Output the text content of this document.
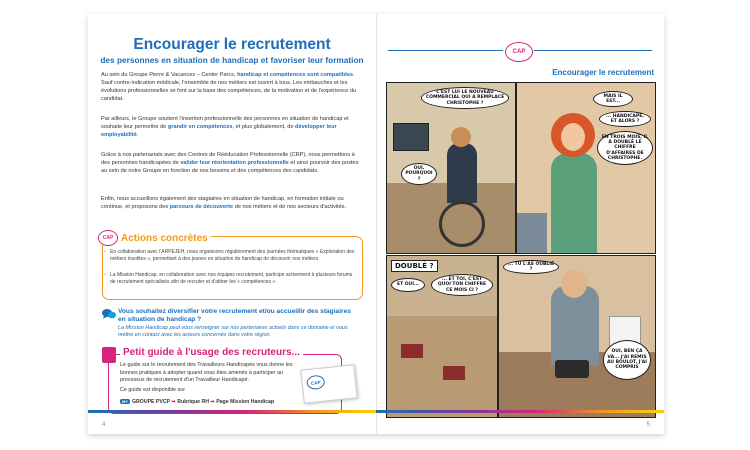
Encourager le recrutement
des personnes en situation de handicap et favoriser leur formation
Au sein du Groupe Pierre & Vacances – Center Parcs, handicap et compétences sont compatibles. Sauf contre-indication médicale, l'ensemble de nos métiers est ouvert à tous. Les embauches et les évolutions professionnelles se font sur la base des compétences, de la motivation et de l'expérience du candidat.
Par ailleurs, le Groupe soutient l'insertion professionnelle des personnes en situation de handicap et souhaite leur permettre de grandir en compétences, et plus globalement, de développer leur employabilité.
Grâce à nos partenariats avec des Centres de Rééducation Professionnelle (CRP), nous permettons à des personnes handicapées de valider leur réorientation professionnelle et ainsi pourvoir des postes au sein de notre Groupe en fonction de nos besoins et des compétences des candidats.
Enfin, nous accueillons également des stagiaires en situation de handicap, en formation initiale ou continue, et proposons des parcours de découverte de nos métiers et de nos secteurs d'activités.
CAP Actions concrètes
• En collaboration avec l'ARPEJEH, nous organisons régulièrement des journées thématiques « Exploration des métiers insolites », permettant à des jeunes en situation de handicap de découvrir nos métiers.
• La Mission Handicap, en collaboration avec nos équipes recrutement, participe activement à plusieurs forums de recrutement spécialisés afin de recruter et d'attirer les « compétences ».
Vous souhaitez diversifier votre recrutement et/ou accueillir des stagiaires en situation de handicap ?
La Mission Handicap peut vous renseigner sur nos partenaires actuels dans ce domaine et vous mettre en contact avec les acteurs concernés dans votre région.
Petit guide à l'usage des recruteurs...
Le guide sur le recrutement des Travailleurs Handicapés vous donne les bonnes pratiques à adopter quand vous êtes amenés à participer au processus de recrutement d'un Travailleur Handicapé.
Ce guide est disponible sur
MY GROUPE PVCP ➡ Rubrique RH ➡ Page Mission Handicap
CAP
4
CAP
Encourager le recrutement
C'EST LUI LE NOUVEAU COMMERCIAL QUI A REMPLACÉ CHRISTOPHE ?
OUI, POURQUOI ?
MAIS IL EST...
... HANDICAPÉ, ET ALORS ?
EN TROIS MOIS, IL A DOUBLÉ LE CHIFFRE D'AFFAIRES DE CHRISTOPHE.
DOUBLÉ ?
ET OUI...
... ET TOI, C'EST QUOI TON CHIFFRE CE MOIS CI ?
... TU L'AS OUBLIÉ ?
OUI, BEN ÇA VA... J'AI REMIS AU BOULOT, J'AI COMPRIS
5
